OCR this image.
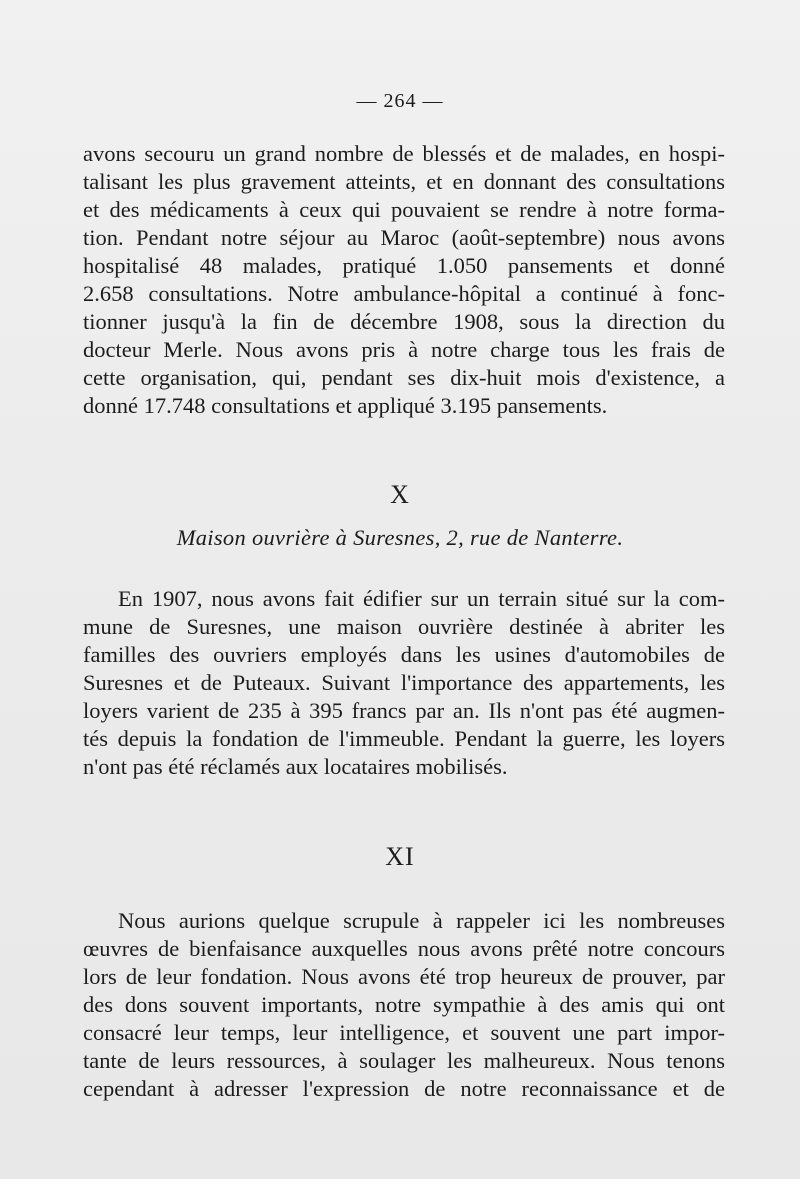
— 264 —
avons secouru un grand nombre de blessés et de malades, en hospi-
talisant les plus gravement atteints, et en donnant des consultations
et des médicaments à ceux qui pouvaient se rendre à notre forma-
tion. Pendant notre séjour au Maroc (août-septembre) nous avons
hospitalisé 48 malades, pratiqué 1.050 pansements et donné
2.658 consultations. Notre ambulance-hôpital a continué à fonc-
tionner jusqu'à la fin de décembre 1908, sous la direction du
docteur Merle. Nous avons pris à notre charge tous les frais de
cette organisation, qui, pendant ses dix-huit mois d'existence, a
donné 17.748 consultations et appliqué 3.195 pansements.
X
Maison ouvrière à Suresnes, 2, rue de Nanterre.
En 1907, nous avons fait édifier sur un terrain situé sur la com-
mune de Suresnes, une maison ouvrière destinée à abriter les
familles des ouvriers employés dans les usines d'automobiles de
Suresnes et de Puteaux. Suivant l'importance des appartements, les
loyers varient de 235 à 395 francs par an. Ils n'ont pas été augmen-
tés depuis la fondation de l'immeuble. Pendant la guerre, les loyers
n'ont pas été réclamés aux locataires mobilisés.
XI
Nous aurions quelque scrupule à rappeler ici les nombreuses
œuvres de bienfaisance auxquelles nous avons prêté notre concours
lors de leur fondation. Nous avons été trop heureux de prouver, par
des dons souvent importants, notre sympathie à des amis qui ont
consacré leur temps, leur intelligence, et souvent une part impor-
tante de leurs ressources, à soulager les malheureux. Nous tenons
cependant à adresser l'expression de notre reconnaissance et de
